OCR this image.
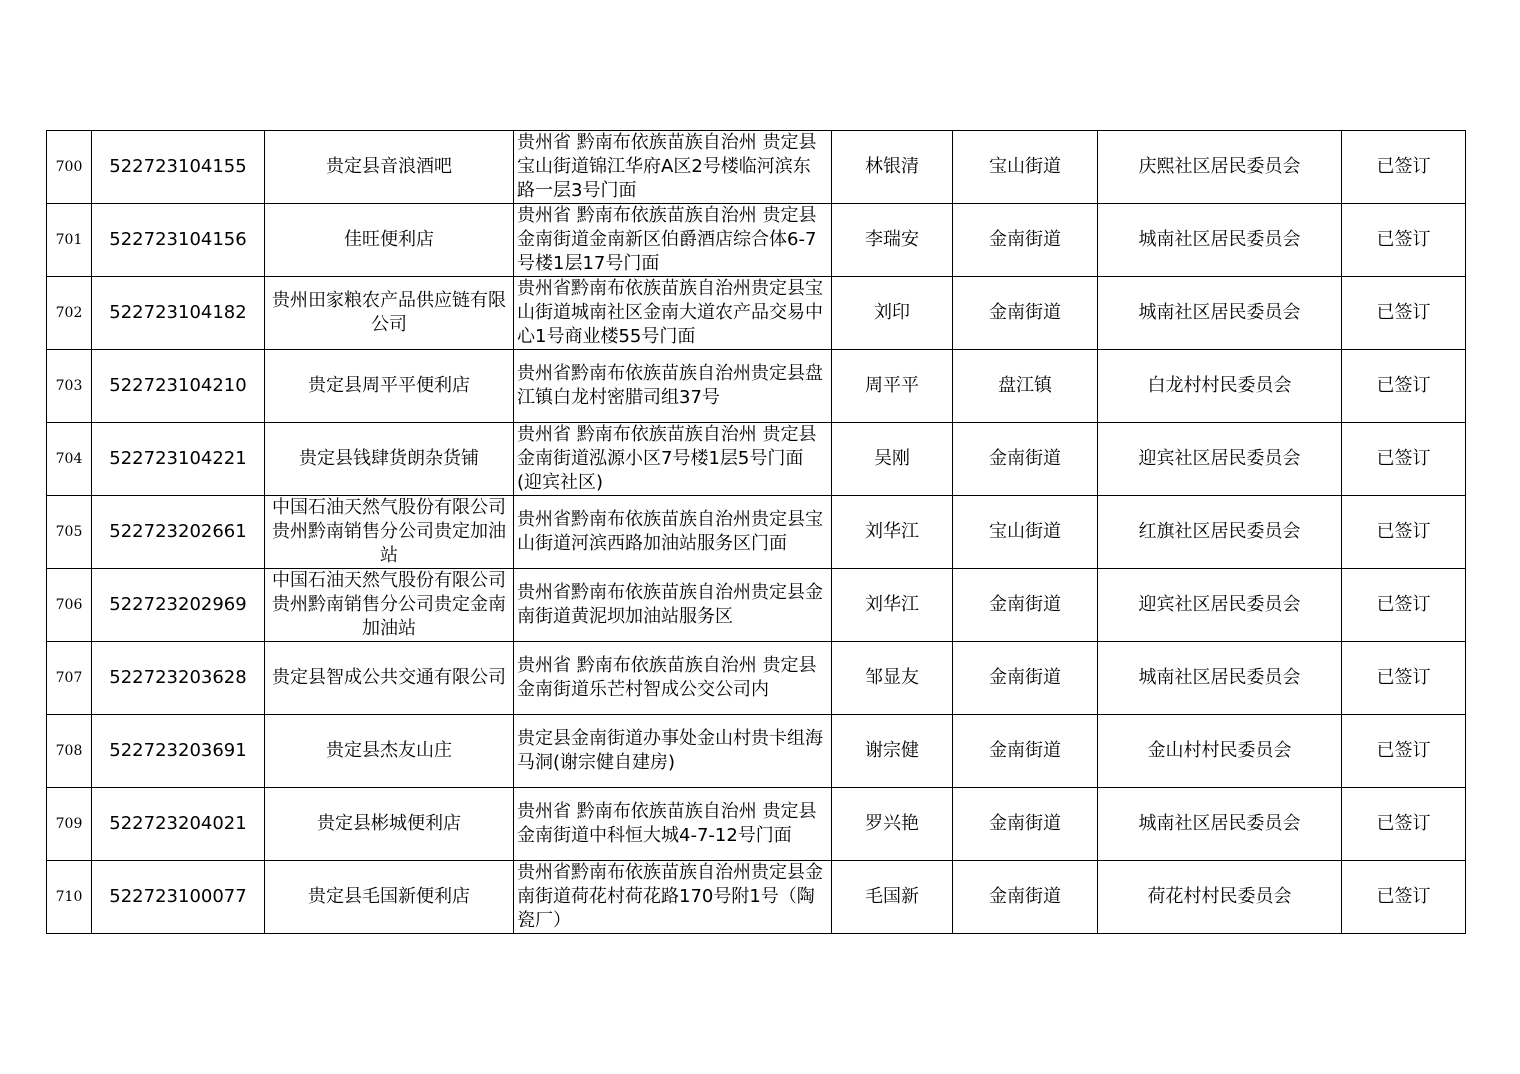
700	522723104155	贵定县音浪酒吧	贵州省 黔南布依族苗族自治州 贵定县宝山街道锦江华府A区2号楼临河滨东路一层3号门面	林银清	宝山街道	庆熙社区居民委员会	已签订
701	522723104156	佳旺便利店	贵州省 黔南布依族苗族自治州 贵定县金南街道金南新区伯爵酒店综合体6-7号楼1层17号门面	李瑞安	金南街道	城南社区居民委员会	已签订
702	522723104182	贵州田家粮农产品供应链有限公司	贵州省黔南布依族苗族自治州贵定县宝山街道城南社区金南大道农产品交易中心1号商业楼55号门面	刘印	金南街道	城南社区居民委员会	已签订
703	522723104210	贵定县周平平便利店	贵州省黔南布依族苗族自治州贵定县盘江镇白龙村密腊司组37号	周平平	盘江镇	白龙村村民委员会	已签订
704	522723104221	贵定县钱肆货朗杂货铺	贵州省 黔南布依族苗族自治州 贵定县金南街道泓源小区7号楼1层5号门面(迎宾社区)	吴刚	金南街道	迎宾社区居民委员会	已签订
705	522723202661	中国石油天然气股份有限公司贵州黔南销售分公司贵定加油站	贵州省黔南布依族苗族自治州贵定县宝山街道河滨西路加油站服务区门面	刘华江	宝山街道	红旗社区居民委员会	已签订
706	522723202969	中国石油天然气股份有限公司贵州黔南销售分公司贵定金南加油站	贵州省黔南布依族苗族自治州贵定县金南街道黄泥坝加油站服务区	刘华江	金南街道	迎宾社区居民委员会	已签订
707	522723203628	贵定县智成公共交通有限公司	贵州省 黔南布依族苗族自治州 贵定县金南街道乐芒村智成公交公司内	邹显友	金南街道	城南社区居民委员会	已签订
708	522723203691	贵定县杰友山庄	贵定县金南街道办事处金山村贵卡组海马洞(谢宗健自建房)	谢宗健	金南街道	金山村村民委员会	已签订
709	522723204021	贵定县彬城便利店	贵州省 黔南布依族苗族自治州 贵定县金南街道中科恒大城4-7-12号门面	罗兴艳	金南街道	城南社区居民委员会	已签订
710	522723100077	贵定县毛国新便利店	贵州省黔南布依族苗族自治州贵定县金南街道荷花村荷花路170号附1号（陶瓷厂）	毛国新	金南街道	荷花村村民委员会	已签订
